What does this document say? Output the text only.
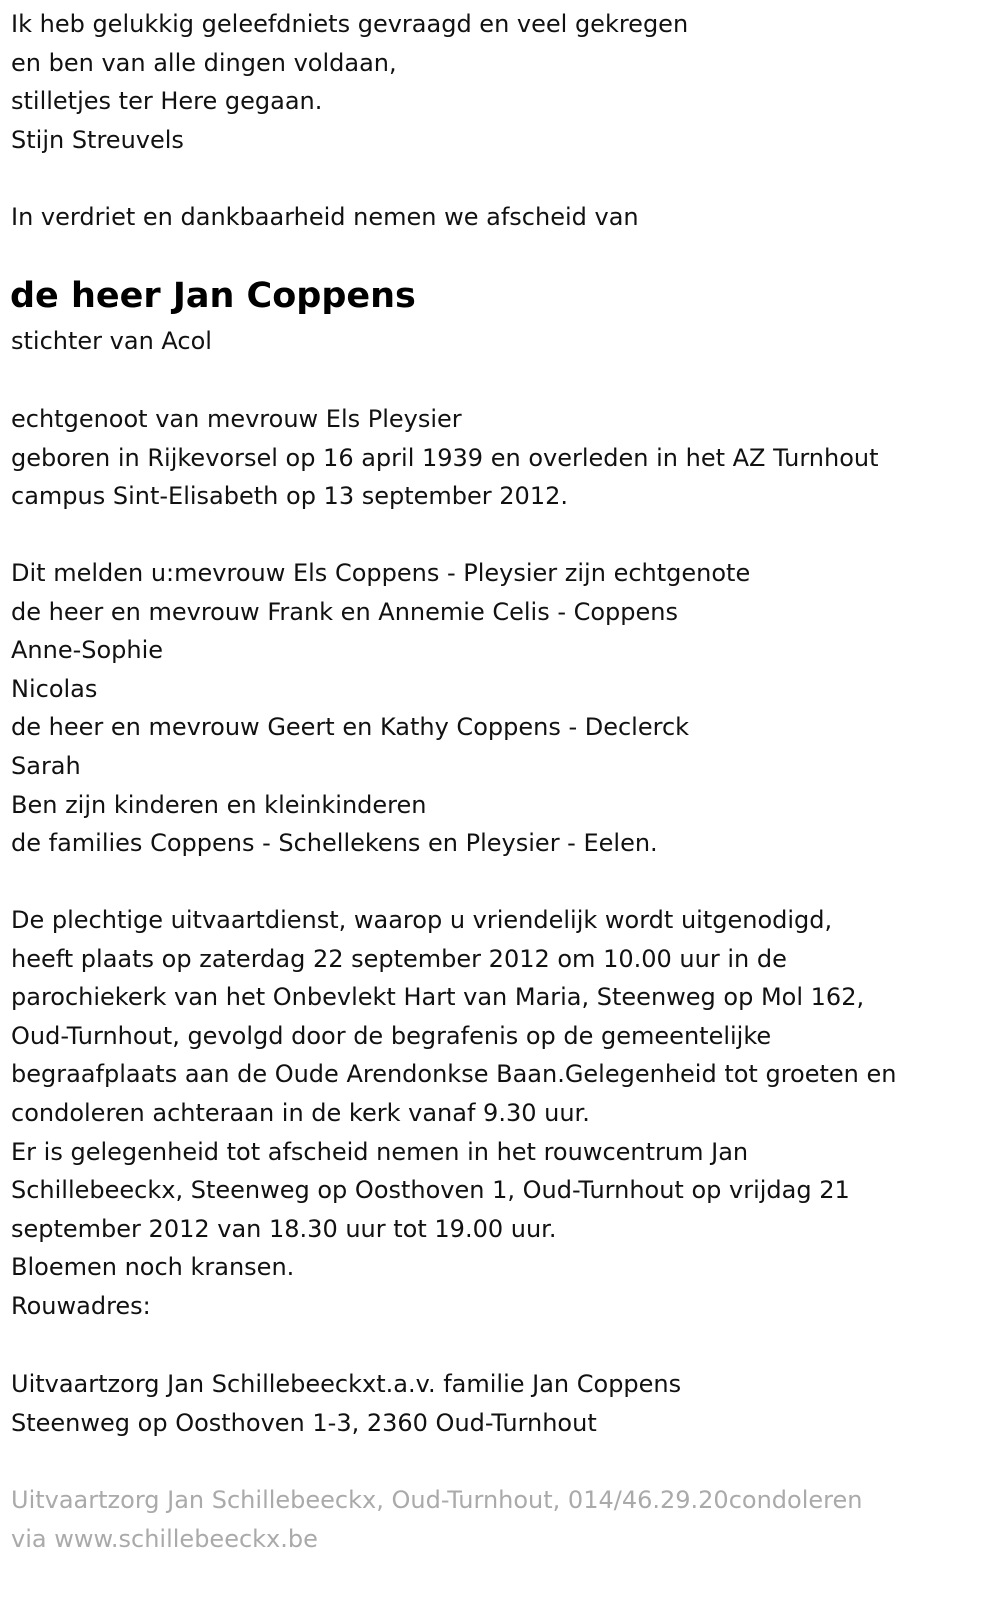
Ik heb gelukkig geleefdniets gevraagd en veel gekregen
en ben van alle dingen voldaan,
stilletjes ter Here gegaan.
Stijn Streuvels
In verdriet en dankbaarheid nemen we afscheid van
de heer Jan Coppens
stichter van Acol
echtgenoot van mevrouw Els Pleysier
geboren in Rijkevorsel op 16 april 1939 en overleden in het AZ Turnhout
campus Sint-Elisabeth op 13 september 2012.
Dit melden u:mevrouw Els Coppens - Pleysier zijn echtgenote
de heer en mevrouw Frank en Annemie Celis - Coppens
Anne-Sophie
Nicolas
de heer en mevrouw Geert en Kathy Coppens - Declerck
Sarah
Ben zijn kinderen en kleinkinderen
de families Coppens - Schellekens en Pleysier - Eelen.
De plechtige uitvaartdienst, waarop u vriendelijk wordt uitgenodigd,
heeft plaats op zaterdag 22 september 2012 om 10.00 uur in de
parochiekerk van het Onbevlekt Hart van Maria, Steenweg op Mol 162,
Oud-Turnhout, gevolgd door de begrafenis op de gemeentelijke
begraafplaats aan de Oude Arendonkse Baan.Gelegenheid tot groeten en
condoleren achteraan in de kerk vanaf 9.30 uur.
Er is gelegenheid tot afscheid nemen in het rouwcentrum Jan
Schillebeeckx, Steenweg op Oosthoven 1, Oud-Turnhout op vrijdag 21
september 2012 van 18.30 uur tot 19.00 uur.
Bloemen noch kransen.
Rouwadres:
Uitvaartzorg Jan Schillebeeckxt.a.v. familie Jan Coppens
Steenweg op Oosthoven 1-3, 2360 Oud-Turnhout
Uitvaartzorg Jan Schillebeeckx, Oud-Turnhout, 014/46.29.20condoleren
via www.schillebeeckx.be
